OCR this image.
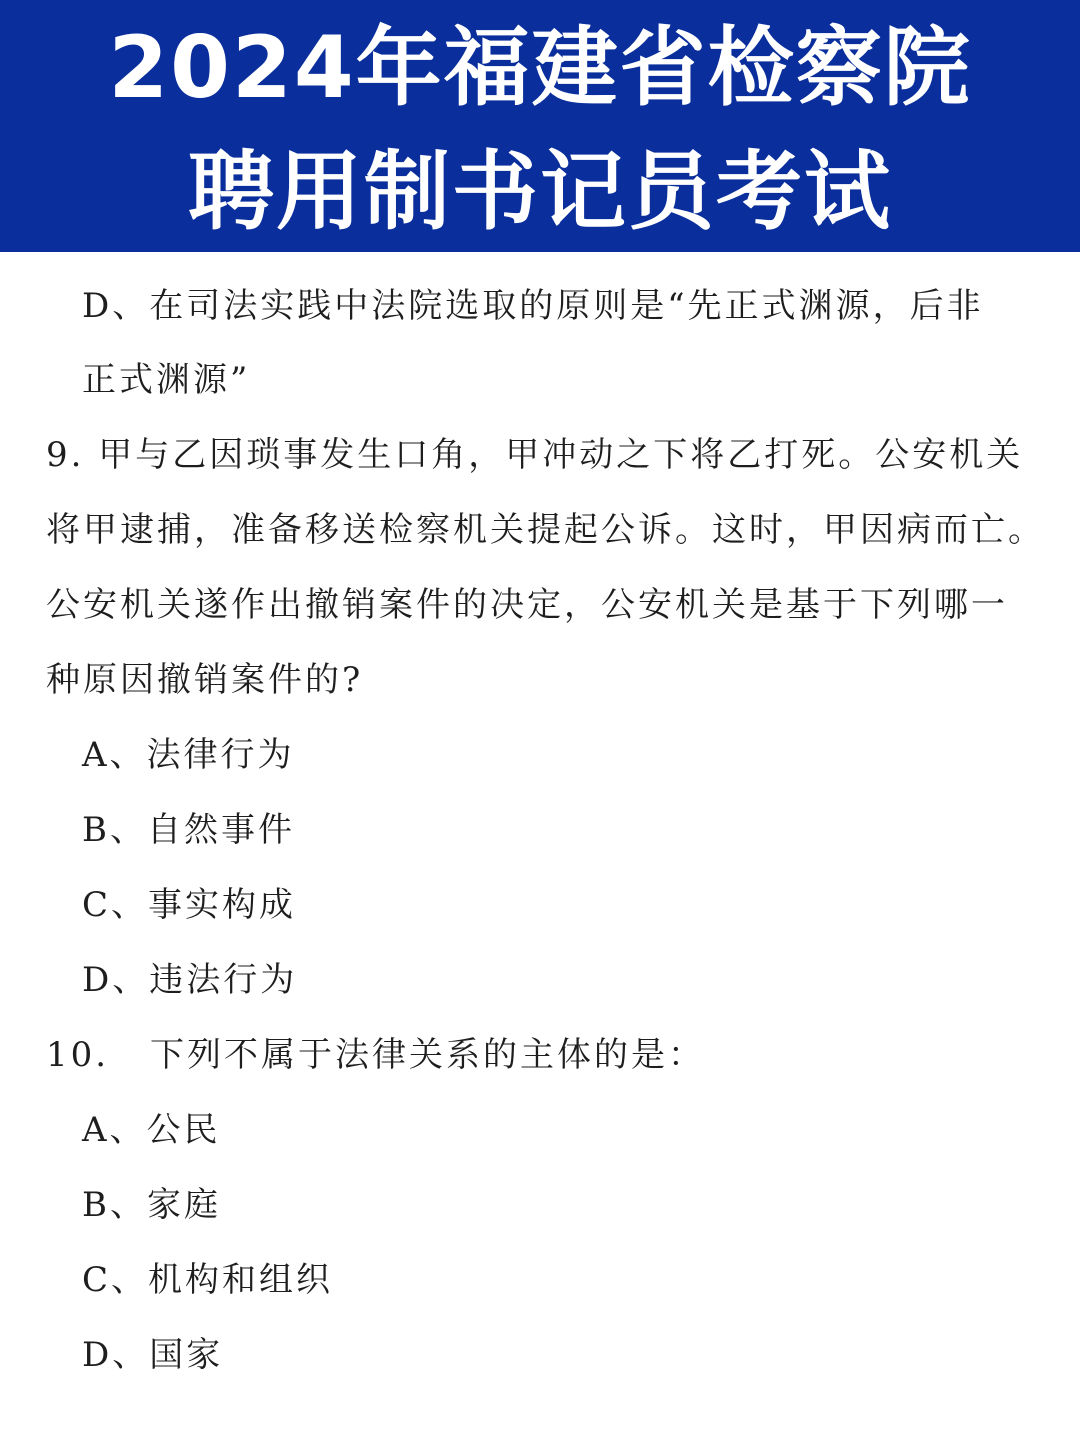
2024年福建省检察院
聘用制书记员考试
D、在司法实践中法院选取的原则是“先正式渊源，后非
正式渊源”
9. 甲与乙因琐事发生口角，甲冲动之下将乙打死。公安机关
将甲逮捕，准备移送检察机关提起公诉。这时，甲因病而亡。
公安机关遂作出撤销案件的决定，公安机关是基于下列哪一
种原因撤销案件的?
A、法律行为
B、自然事件
C、事实构成
D、违法行为
10. 下列不属于法律关系的主体的是：
A、公民
B、家庭
C、机构和组织
D、国家
